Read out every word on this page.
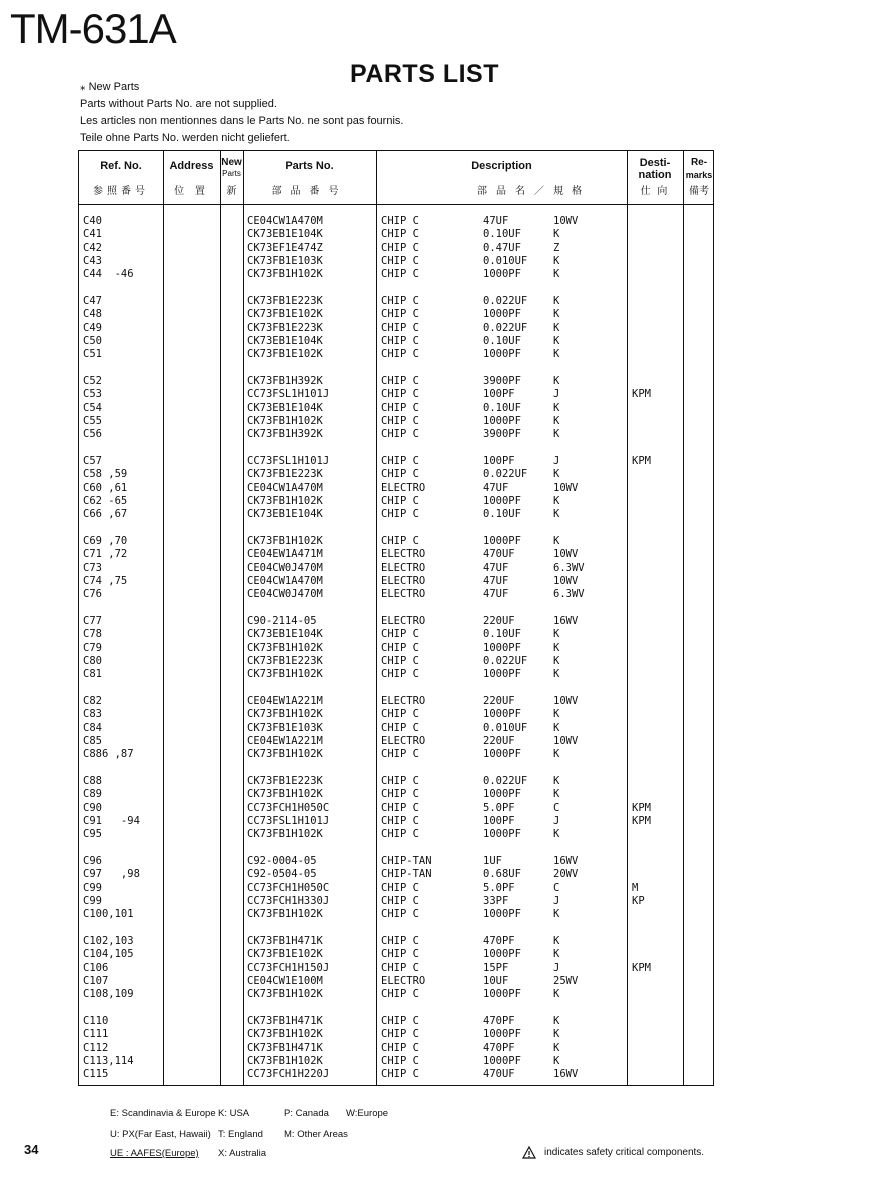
TM-631A
PARTS LIST
⁎ New Parts
Parts without Parts No. are not supplied.
Les articles non mentionnes dans le Parts No. ne sont pas fournis.
Teile ohne Parts No. werden nicht geliefert.
Ref. No.
参照番号
Address
位 置
New
Parts
新
Parts No.
部品番号
Description
部品名／規格
Desti-
nation
仕 向
Re-
marks
備考
C40	CE04CW1A470M	CHIP C	47UF	10WV
C41	CK73EB1E104K	CHIP C	0.10UF	K
C42	CK73EF1E474Z	CHIP C	0.47UF	Z
C43	CK73FB1E103K	CHIP C	0.010UF K
C44  -46	CK73FB1H102K	CHIP C	1000PF	K
C47	CK73FB1E223K	CHIP C	0.022UF K
C48	CK73FB1E102K	CHIP C	1000PF	K
C49	CK73FB1E223K	CHIP C	0.022UF K
C50	CK73EB1E104K	CHIP C	0.10UF	K
C51	CK73FB1E102K	CHIP C	1000PF	K
C52	CK73FB1H392K	CHIP C	3900PF	K
C53	CC73FSL1H101J	CHIP C	100PF	J	KPM
C54	CK73EB1E104K	CHIP C	0.10UF	K
C55	CK73FB1H102K	CHIP C	1000PF	K
C56	CK73FB1H392K	CHIP C	3900PF	K
C57	CC73FSL1H101J	CHIP C	100PF	J	KPM
C58 ,59	CK73FB1E223K	CHIP C	0.022UF K
C60 ,61	CE04CW1A470M	ELECTRO	47UF	10WV
C62 -65	CK73FB1H102K	CHIP C	1000PF	K
C66 ,67	CK73EB1E104K	CHIP C	0.10UF	K
C69 ,70	CK73FB1H102K	CHIP C	1000PF	K
C71 ,72	CE04EW1A471M	ELECTRO	470UF	10WV
C73	CE04CW0J470M	ELECTRO	47UF	6.3WV
C74 ,75	CE04CW1A470M	ELECTRO	47UF	10WV
C76	CE04CW0J470M	ELECTRO	47UF	6.3WV
C77	C90-2114-05	ELECTRO	220UF	16WV
C78	CK73EB1E104K	CHIP C	0.10UF	K
C79	CK73FB1H102K	CHIP C	1000PF	K
C80	CK73FB1E223K	CHIP C	0.022UF K
C81	CK73FB1H102K	CHIP C	1000PF	K
C82	CE04EW1A221M	ELECTRO	220UF	10WV
C83	CK73FB1H102K	CHIP C	1000PF	K
C84	CK73FB1E103K	CHIP C	0.010UF K
C85	CE04EW1A221M	ELECTRO	220UF	10WV
C886 ,87	CK73FB1H102K	CHIP C	1000PF	K
C88	CK73FB1E223K	CHIP C	0.022UF K
C89	CK73FB1H102K	CHIP C	1000PF	K
C90	CC73FCH1H050C	CHIP C	5.0PF	C	KPM
C91   -94	CC73FSL1H101J	CHIP C	100PF	J	KPM
C95	CK73FB1H102K	CHIP C	1000PF	K
C96	C92-0004-05	CHIP-TAN	1UF	16WV
C97   ,98	C92-0504-05	CHIP-TAN	0.68UF	20WV
C99	CC73FCH1H050C	CHIP C	5.0PF	C	M
C99	CC73FCH1H330J	CHIP C	33PF	J	KP
C100,101	CK73FB1H102K	CHIP C	1000PF	K
C102,103	CK73FB1H471K	CHIP C	470PF	K
C104,105	CK73FB1E102K	CHIP C	1000PF	K
C106	CC73FCH1H150J	CHIP C	15PF	J	KPM
C107	CE04CW1E100M	ELECTRO	10UF	25WV
C108,109	CK73FB1H102K	CHIP C	1000PF	K
C110	CK73FB1H471K	CHIP C	470PF	K
C111	CK73FB1H102K	CHIP C	1000PF	K
C112	CK73FB1H471K	CHIP C	470PF	K
C113,114	CK73FB1H102K	CHIP C	1000PF	K
C115	CC73FCH1H220J	CHIP C	470UF	16WV
E: Scandinavia & Europe K: USA	P: Canada W:Europe
U: PX(Far East, Hawaii) T: England M: Other Areas
UE : AAFES(Europe) X: Australia
34	indicates safety critical components.
